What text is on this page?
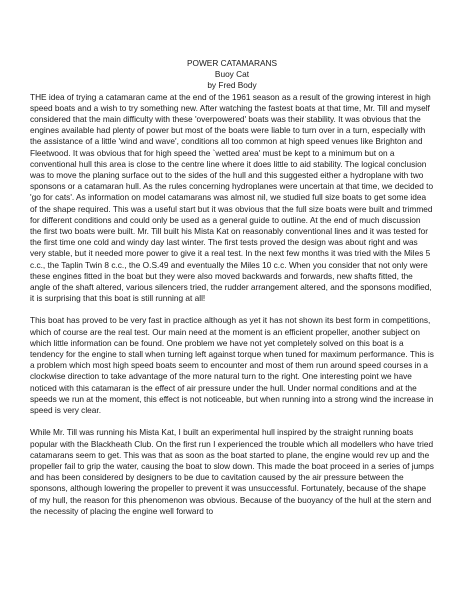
POWER CATAMARANS
Buoy Cat
by Fred Body

THE idea of trying a catamaran came at the end of the 1961 season as a result of the growing interest in high speed boats and a wish to try something new. After watching the fastest boats at that time, Mr. Till and myself considered that the main difficulty with these 'overpowered' boats was their stability. It was obvious that the engines available had plenty of power but most of the boats were liable to turn over in a turn, especially with the assistance of a little 'wind and wave', conditions all too common at high speed venues like Brighton and Fleetwood. It was obvious that for high speed the `wetted area' must be kept to a minimum but on a conventional hull this area is close to the centre line where it does little to aid stability. The logical conclusion was to move the planing surface out to the sides of the hull and this suggested either a hydroplane with two sponsons or a catamaran hull. As the rules concerning hydroplanes were uncertain at that time, we decided to 'go for cats'. As information on model catamarans was almost nil, we studied full size boats to get some idea of the shape required. This was a useful start but it was obvious that the full size boats were built and trimmed for different conditions and could only be used as a general guide to outline. At the end of much discussion the first two boats were built. Mr. Till built his Mista Kat on reasonably conventional lines and it was tested for the first time one cold and windy day last winter. The first tests proved the design was about right and was very stable, but it needed more power to give it a real test. In the next few months it was tried with the Miles 5 c.c., the Taplin Twin 8 c.c., the O.S.49 and eventually the Miles 10 c.c. When you consider that not only were these engines fitted in the boat but they were also moved backwards and forwards, new shafts fitted, the angle of the shaft altered, various silencers tried, the rudder arrangement altered, and the sponsons modified, it is surprising that this boat is still running at all!

This boat has proved to be very fast in practice although as yet it has not shown its best form in competitions, which of course are the real test. Our main need at the moment is an efficient propeller, another subject on which little information can be found. One problem we have not yet completely solved on this boat is a tendency for the engine to stall when turning left against torque when tuned for maximum performance. This is a problem which most high speed boats seem to encounter and most of them run around speed courses in a clockwise direction to take advantage of the more natural turn to the right. One interesting point we have noticed with this catamaran is the effect of air pressure under the hull. Under normal conditions and at the speeds we run at the moment, this effect is not noticeable, but when running into a strong wind the increase in speed is very clear.

While Mr. Till was running his Mista Kat, I built an experimental hull inspired by the straight running boats popular with the Blackheath Club. On the first run I experienced the trouble which all modellers who have tried catamarans seem to get. This was that as soon as the boat started to plane, the engine would rev up and the propeller fail to grip the water, causing the boat to slow down. This made the boat proceed in a series of jumps and has been considered by designers to be due to cavitation caused by the air pressure between the sponsons, although lowering the propeller to prevent it was unsuccessful. Fortunately, because of the shape of my hull, the reason for this phenomenon was obvious. Because of the buoyancy of the hull at the stern and the necessity of placing the engine well forward to
